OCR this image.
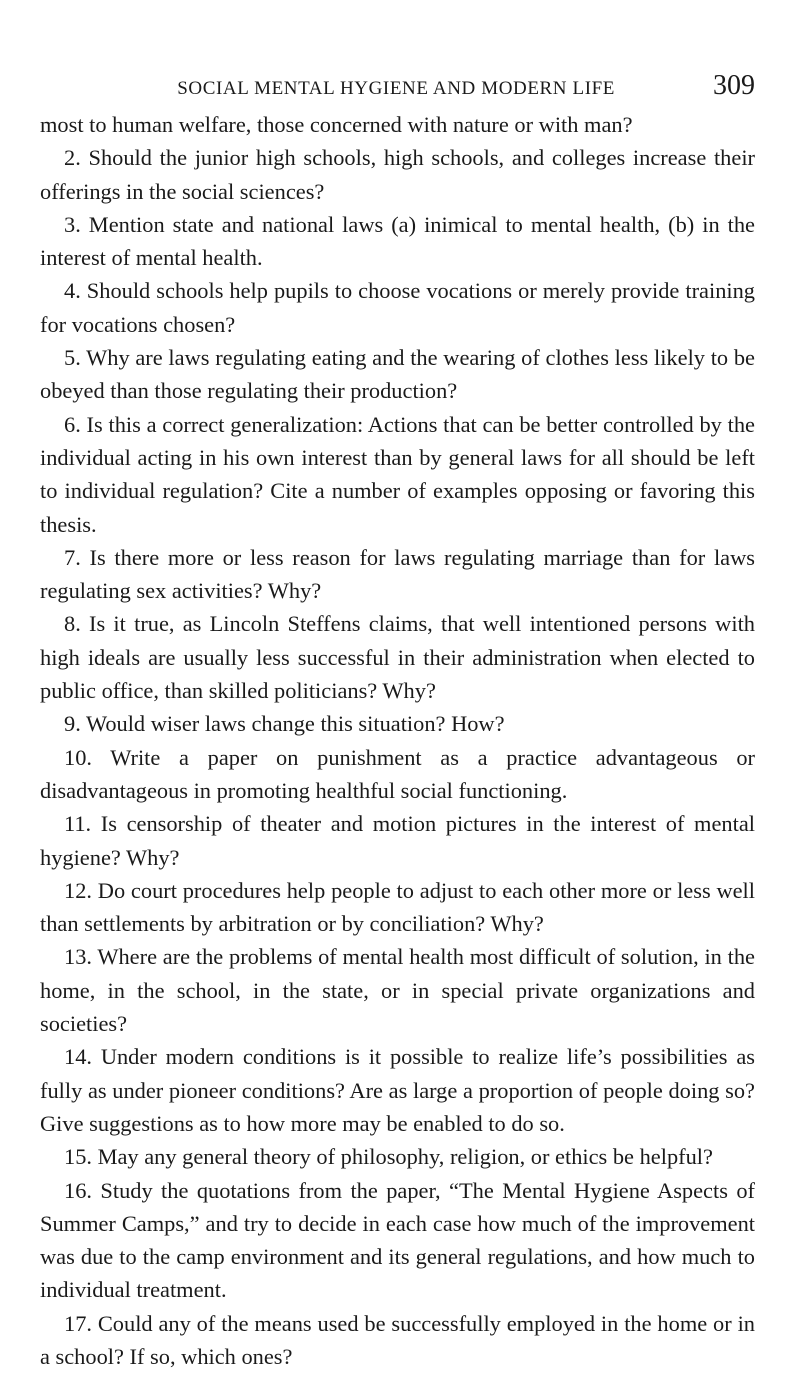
SOCIAL MENTAL HYGIENE AND MODERN LIFE	309

most to human welfare, those concerned with nature or with man?

2. Should the junior high schools, high schools, and colleges increase their offerings in the social sciences?

3. Mention state and national laws (a) inimical to mental health, (b) in the interest of mental health.

4. Should schools help pupils to choose vocations or merely provide training for vocations chosen?

5. Why are laws regulating eating and the wearing of clothes less likely to be obeyed than those regulating their production?

6. Is this a correct generalization: Actions that can be better controlled by the individual acting in his own interest than by general laws for all should be left to individual regulation? Cite a number of examples opposing or favoring this thesis.

7. Is there more or less reason for laws regulating marriage than for laws regulating sex activities? Why?

8. Is it true, as Lincoln Steffens claims, that well intentioned persons with high ideals are usually less successful in their administration when elected to public office, than skilled politicians? Why?

9. Would wiser laws change this situation? How?

10. Write a paper on punishment as a practice advantageous or disadvantageous in promoting healthful social functioning.

11. Is censorship of theater and motion pictures in the interest of mental hygiene? Why?

12. Do court procedures help people to adjust to each other more or less well than settlements by arbitration or by conciliation? Why?

13. Where are the problems of mental health most difficult of solution, in the home, in the school, in the state, or in special private organizations and societies?

14. Under modern conditions is it possible to realize life’s possibilities as fully as under pioneer conditions? Are as large a proportion of people doing so? Give suggestions as to how more may be enabled to do so.

15. May any general theory of philosophy, religion, or ethics be helpful?

16. Study the quotations from the paper, “The Mental Hygiene Aspects of Summer Camps,” and try to decide in each case how much of the improvement was due to the camp environment and its general regulations, and how much to individual treatment.

17. Could any of the means used be successfully employed in the home or in a school? If so, which ones?
